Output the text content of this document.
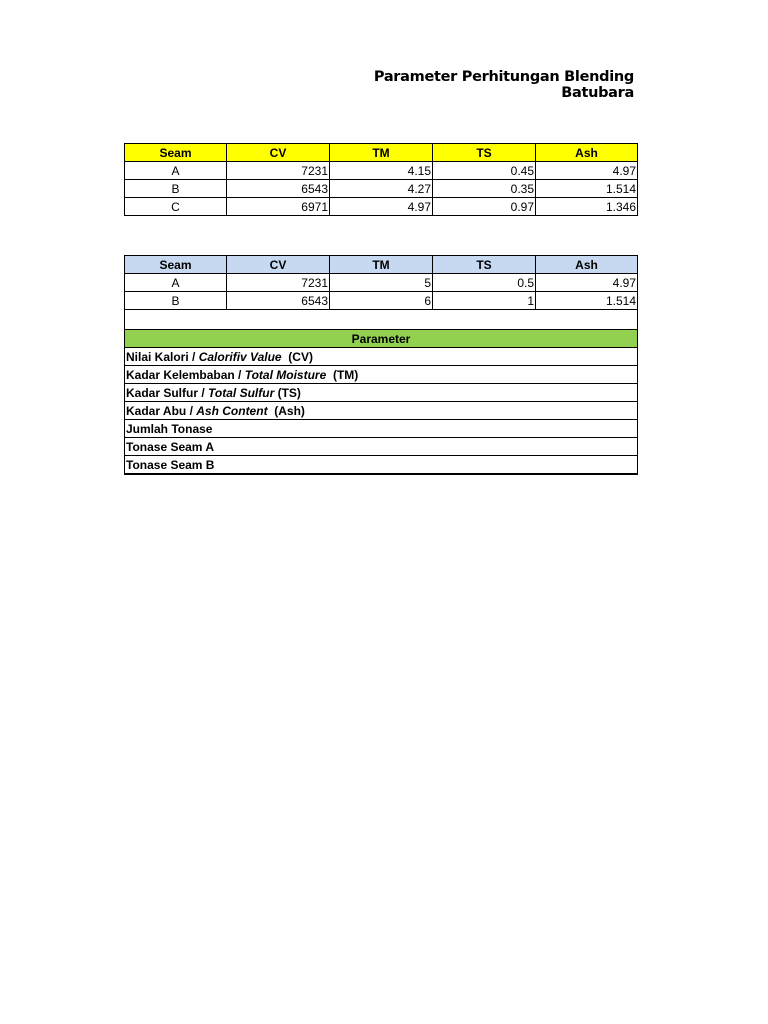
Parameter Perhitungan Blending Batubara
Seam	CV	TM	TS	Ash
A	7231	4.15	0.45	4.97
B	6543	4.27	0.35	1.514
C	6971	4.97	0.97	1.346
Seam	CV	TM	TS	Ash
A	7231	5	0.5	4.97
B	6543	6	1	1.514

Parameter				
Nilai Kalori / Calorifiv Value  (CV)				
Kadar Kelembaban / Total Moisture  (TM)				
Kadar Sulfur / Total Sulfur (TS)				
Kadar Abu / Ash Content  (Ash)				
Jumlah Tonase				
Tonase Seam A				
Tonase Seam B				
